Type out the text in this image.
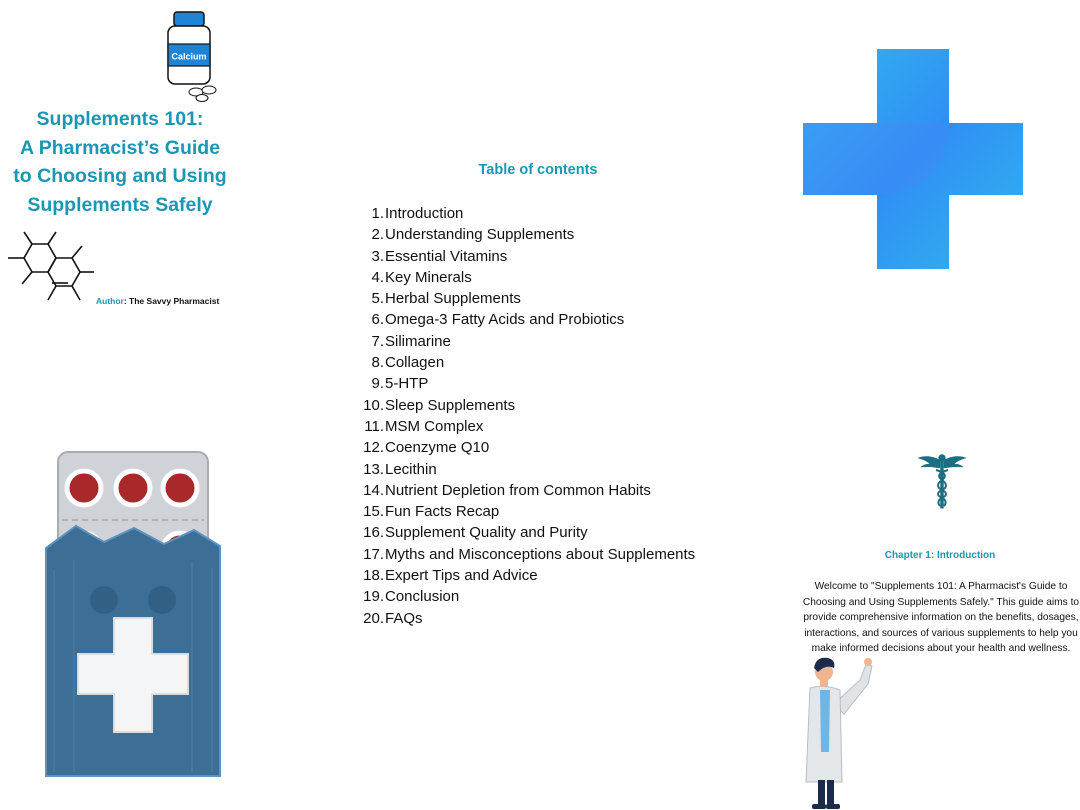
Calcium
Supplements 101:
A Pharmacist’s Guide
to Choosing and Using
Supplements Safely
Author: The Savvy Pharmacist
Table of contents
1.Introduction
2.Understanding Supplements
3.Essential Vitamins
4.Key Minerals
5.Herbal Supplements
6.Omega-3 Fatty Acids and Probiotics
7.Silimarine
8.Collagen
9.5-HTP
10.Sleep Supplements
11.MSM Complex
12.Coenzyme Q10
13.Lecithin
14.Nutrient Depletion from Common Habits
15.Fun Facts Recap
16.Supplement Quality and Purity
17.Myths and Misconceptions about Supplements
18.Expert Tips and Advice
19.Conclusion
20.FAQs
Chapter 1: Introduction
Welcome to "Supplements 101: A Pharmacist's Guide to Choosing and Using Supplements Safely." This guide aims to provide comprehensive information on the benefits, dosages, interactions, and sources of various supplements to help you make informed decisions about your health and wellness.
